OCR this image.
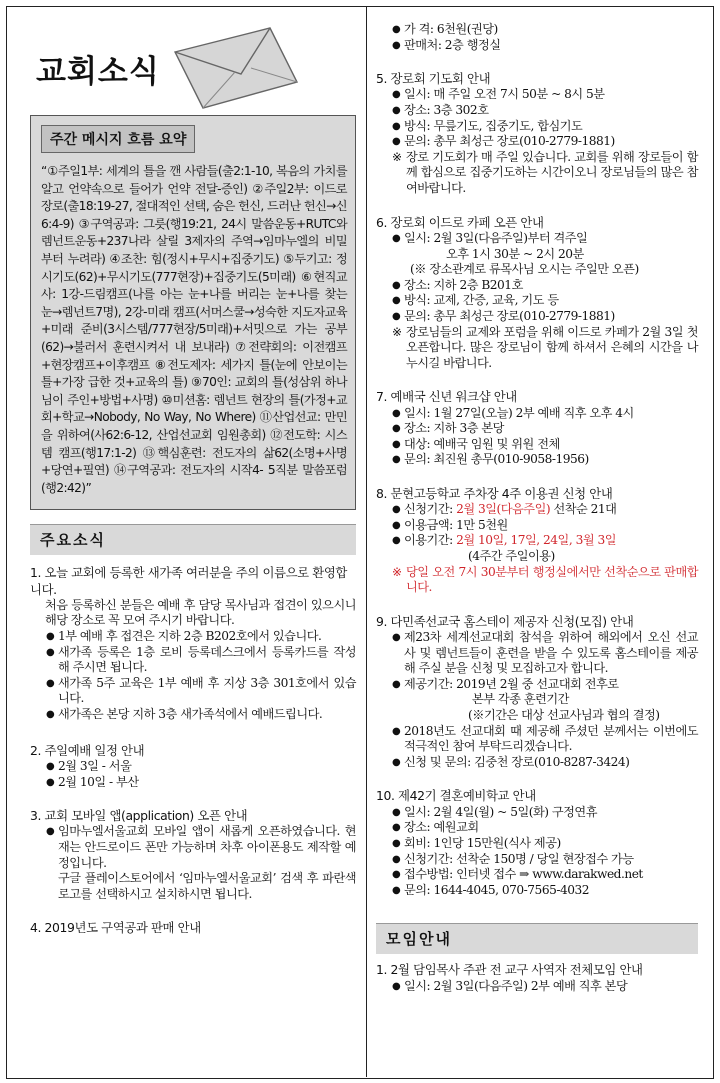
교회소식
주간 메시지 흐름 요약
“①주일1부: 세계의 틀을 깬 사람들(출2:1-10, 복음의 가치를 알고 언약속으로 들어가 언약 전달-증인) ②주일2부: 이드로 장로(출18:19-27, 절대적인 선택, 숨은 헌신, 드러난 헌신→신6:4-9) ③구역공과: 그릇(행19:21, 24시 말씀운동+RUTC와 렘넌트운동+237나라 살릴 3제자의 주역→임마누엘의 비밀부터 누려라) ④조찬: 힘(정시+무시+집중기도) ⑤두기고: 정시기도(62)+무시기도(777현장)+집중기도(5미래) ⑥현직교사: 1강-드림캠프(나를 아는 눈+나를 버리는 눈+나를 찾는 눈→렘넌트7명), 2강-미래 캠프(서머스쿨→성숙한 지도자교육+미래 준비(3시스템/777현장/5미래)+서밋으로 가는 공부(62)→불러서 훈련시켜서 내 보내라) ⑦전략회의: 이전캠프+현장캠프+이후캠프 ⑧전도제자: 세가지 틀(눈에 안보이는 틀+가장 급한 것+교육의 틀) ⑨70인: 교회의 틀(성삼위 하나님이 주인+방법+사명) ⑩미션홈: 렘넌트 현장의 틀(가정+교회+학교→Nobody, No Way, No Where) ⑪산업선교: 만민을 위하여(사62:6-12, 산업선교회 임원총회) ⑫전도학: 시스템 캠프(행17:1-2) ⑬핵심훈련: 전도자의 삶62(소명+사명+당연+필연) ⑭구역공과: 전도자의 시작4- 5직분 말씀포럼(행2:42)”
주요소식
1. 오늘 교회에 등록한 새가족 여러분을 주의 이름으로 환영합니다.
처음 등록하신 분들은 예배 후 담당 목사님과 접견이 있으시니 해당 장소로 꼭 모여 주시기 바랍니다.
● 1부 예배 후 접견은 지하 2층 B202호에서 있습니다.
● 새가족 등록은 1층 로비 등록데스크에서 등록카드를 작성해 주시면 됩니다.
● 새가족 5주 교육은 1부 예배 후 지상 3층 301호에서 있습니다.
● 새가족은 본당 지하 3층 새가족석에서 예배드립니다.
2. 주일예배 일정 안내
● 2월 3일 - 서울
● 2월 10일 - 부산
3. 교회 모바일 앱(application) 오픈 안내
● 임마누엘서울교회 모바일 앱이 새롭게 오픈하였습니다. 현재는 안드로이드 폰만 가능하며 차후 아이폰용도 제작할 예정입니다.
구글 플레이스토어에서 ‘임마누엘서울교회’ 검색 후 파란색 로고를 선택하시고 설치하시면 됩니다.
4. 2019년도 구역공과 판매 안내
● 가 격: 6천원(권당)
● 판매처: 2층 행정실
5. 장로회 기도회 안내
● 일시: 매 주일 오전 7시 50분 ~ 8시 5분
● 장소: 3층 302호
● 방식: 무릎기도, 집중기도, 합심기도
● 문의: 총무 최성근 장로(010-2779-1881)
※ 장로 기도회가 매 주일 있습니다. 교회를 위해 장로들이 함께 합심으로 집중기도하는 시간이오니 장로님들의 많은 참여바랍니다.
6. 장로회 이드로 카페 오픈 안내
● 일시: 2월 3일(다음주일)부터 격주일
오후 1시 30분 ~ 2시 20분
(※ 장소관계로 류목사님 오시는 주일만 오픈)
● 장소: 지하 2층 B201호
● 방식: 교제, 간증, 교육, 기도 등
● 문의: 총무 최성근 장로(010-2779-1881)
※ 장로님들의 교제와 포럼을 위해 이드로 카페가 2월 3일 첫 오픈합니다. 많은 장로님이 함께 하셔서 은혜의 시간을 나누시길 바랍니다.
7. 예배국 신년 워크샵 안내
● 일시: 1월 27일(오늘) 2부 예배 직후 오후 4시
● 장소: 지하 3층 본당
● 대상: 예배국 임원 및 위원 전체
● 문의: 최진원 총무(010-9058-1956)
8. 문현고등학교 주차장 4주 이용권 신청 안내
● 신청기간: 2월 3일(다음주일) 선착순 21대
● 이용금액: 1만 5천원
● 이용기간: 2월 10일, 17일, 24일, 3월 3일
(4주간 주일이용)
※ 당일 오전 7시 30분부터 행정실에서만 선착순으로 판매합니다.
9. 다민족선교국 홈스테이 제공자 신청(모집) 안내
● 제23차 세계선교대회 참석을 위하여 해외에서 오신 선교사 및 렘넌트들이 훈련을 받을 수 있도록 홈스테이를 제공해 주실 분을 신청 및 모집하고자 합니다.
● 제공기간: 2019년 2월 중 선교대회 전후로
본부 각종 훈련기간
(※기간은 대상 선교사님과 협의 결정)
● 2018년도 선교대회 때 제공해 주셨던 분께서는 이번에도 적극적인 참여 부탁드리겠습니다.
● 신청 및 문의: 김중천 장로(010-8287-3424)
10. 제42기 결혼예비학교 안내
● 일시: 2월 4일(월) ~ 5일(화) 구정연휴
● 장소: 예원교회
● 회비: 1인당 15만원(식사 제공)
● 신청기간: 선착순 150명 / 당일 현장접수 가능
● 접수방법: 인터넷 접수 ⇒ www.darakwed.net
● 문의: 1644-4045, 070-7565-4032
모임안내
1. 2월 담임목사 주관 전 교구 사역자 전체모임 안내
● 일시: 2월 3일(다음주일) 2부 예배 직후 본당
